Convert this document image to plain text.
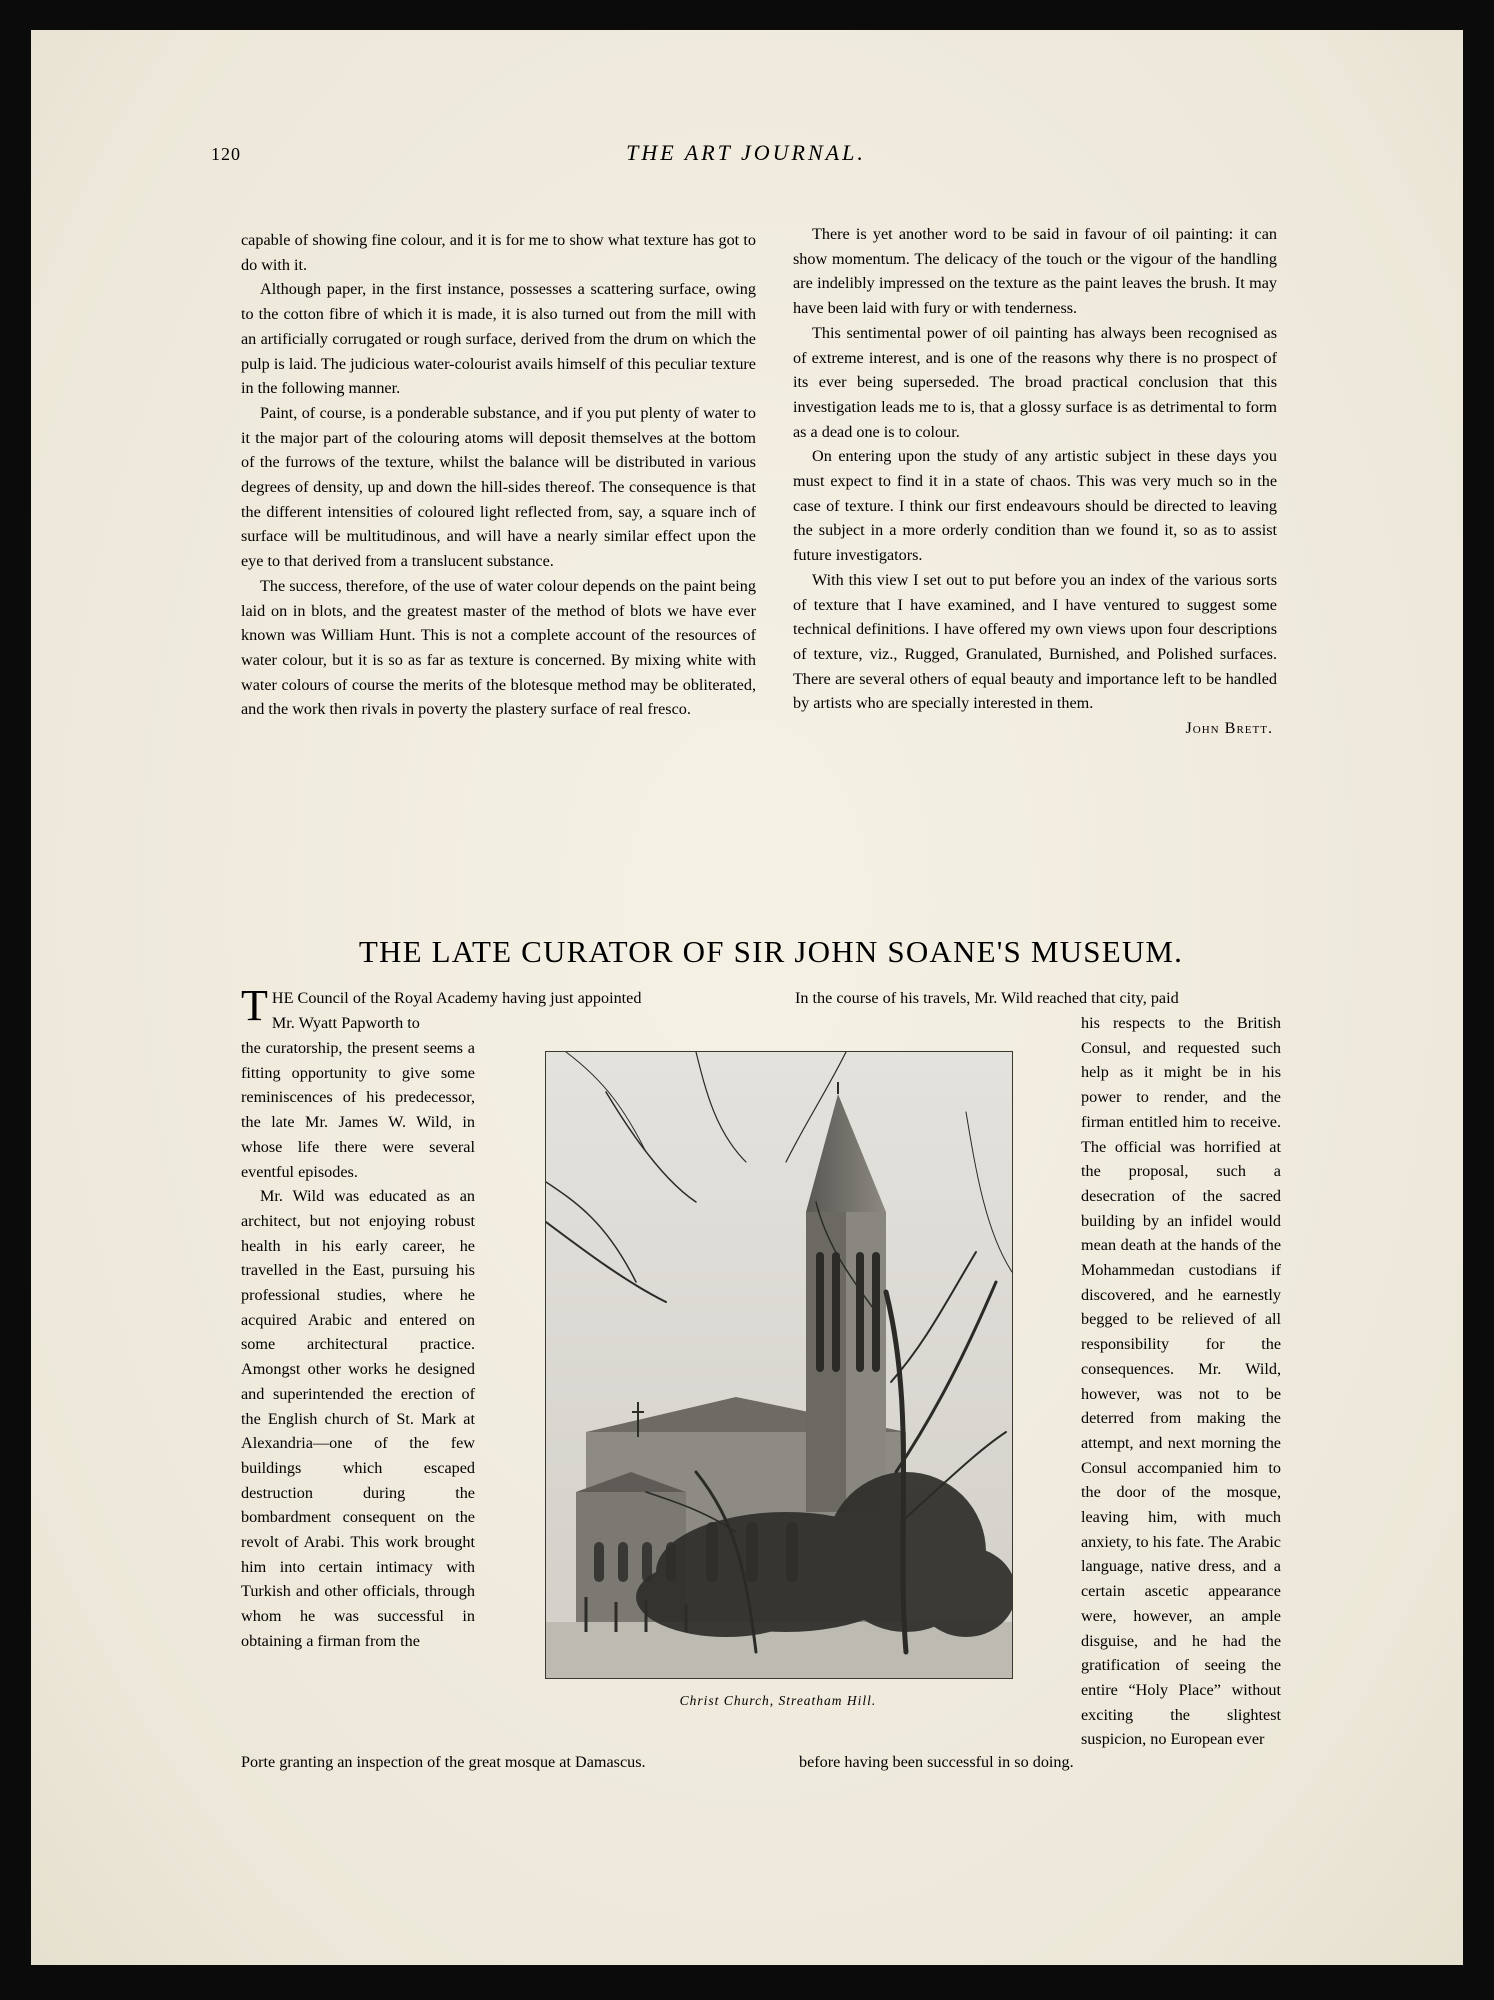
120	THE ART JOURNAL.

capable of showing fine colour, and it is for me to show what texture has got to do with it.

Although paper, in the first instance, possesses a scattering surface, owing to the cotton fibre of which it is made, it is also turned out from the mill with an artificially corrugated or rough surface, derived from the drum on which the pulp is laid. The judicious water-colourist avails himself of this peculiar texture in the following manner.

Paint, of course, is a ponderable substance, and if you put plenty of water to it the major part of the colouring atoms will deposit themselves at the bottom of the furrows of the texture, whilst the balance will be distributed in various degrees of density, up and down the hill-sides thereof. The consequence is that the different intensities of coloured light reflected from, say, a square inch of surface will be multitudinous, and will have a nearly similar effect upon the eye to that derived from a translucent substance.

The success, therefore, of the use of water colour depends on the paint being laid on in blots, and the greatest master of the method of blots we have ever known was William Hunt. This is not a complete account of the resources of water colour, but it is so as far as texture is concerned. By mixing white with water colours of course the merits of the blotesque method may be obliterated, and the work then rivals in poverty the plastery surface of real fresco.

There is yet another word to be said in favour of oil painting: it can show momentum. The delicacy of the touch or the vigour of the handling are indelibly impressed on the texture as the paint leaves the brush. It may have been laid with fury or with tenderness.

This sentimental power of oil painting has always been recognised as of extreme interest, and is one of the reasons why there is no prospect of its ever being superseded. The broad practical conclusion that this investigation leads me to is, that a glossy surface is as detrimental to form as a dead one is to colour.

On entering upon the study of any artistic subject in these days you must expect to find it in a state of chaos. This was very much so in the case of texture. I think our first endeavours should be directed to leaving the subject in a more orderly condition than we found it, so as to assist future investigators.

With this view I set out to put before you an index of the various sorts of texture that I have examined, and I have ventured to suggest some technical definitions. I have offered my own views upon four descriptions of texture, viz., Rugged, Granulated, Burnished, and Polished surfaces. There are several others of equal beauty and importance left to be handled by artists who are specially interested in them.

John Brett.
THE LATE CURATOR OF SIR JOHN SOANE'S MUSEUM.
T HE Council of the Royal Academy having just appointed
Mr. Wyatt Papworth to

the curatorship, the present seems a fitting opportunity to give some reminiscences of his predecessor, the late Mr. James W. Wild, in whose life there were several eventful episodes.

Mr. Wild was educated as an architect, but not enjoying robust health in his early career, he travelled in the East, pursuing his professional studies, where he acquired Arabic and entered on some architectural practice. Amongst other works he designed and superintended the erection of the English church of St. Mark at Alexandria—one of the few buildings which escaped destruction during the bombardment consequent on the revolt of Arabi. This work brought him into certain intimacy with Turkish and other officials, through whom he was successful in obtaining a firman from the

In the course of his travels, Mr. Wild reached that city, paid

his respects to the British Consul, and requested such help as it might be in his power to render, and the firman entitled him to receive. The official was horrified at the proposal, such a desecration of the sacred building by an infidel would mean death at the hands of the Mohammedan custodians if discovered, and he earnestly begged to be relieved of all responsibility for the consequences. Mr. Wild, however, was not to be deterred from making the attempt, and next morning the Consul accompanied him to the door of the mosque, leaving him, with much anxiety, to his fate. The Arabic language, native dress, and a certain ascetic appearance were, however, an ample disguise, and he had the gratification of seeing the entire “Holy Place” without exciting the slightest suspicion, no European ever

Porte granting an inspection of the great mosque at Damascus.	before having been successful in so doing.
Christ Church, Streatham Hill.
